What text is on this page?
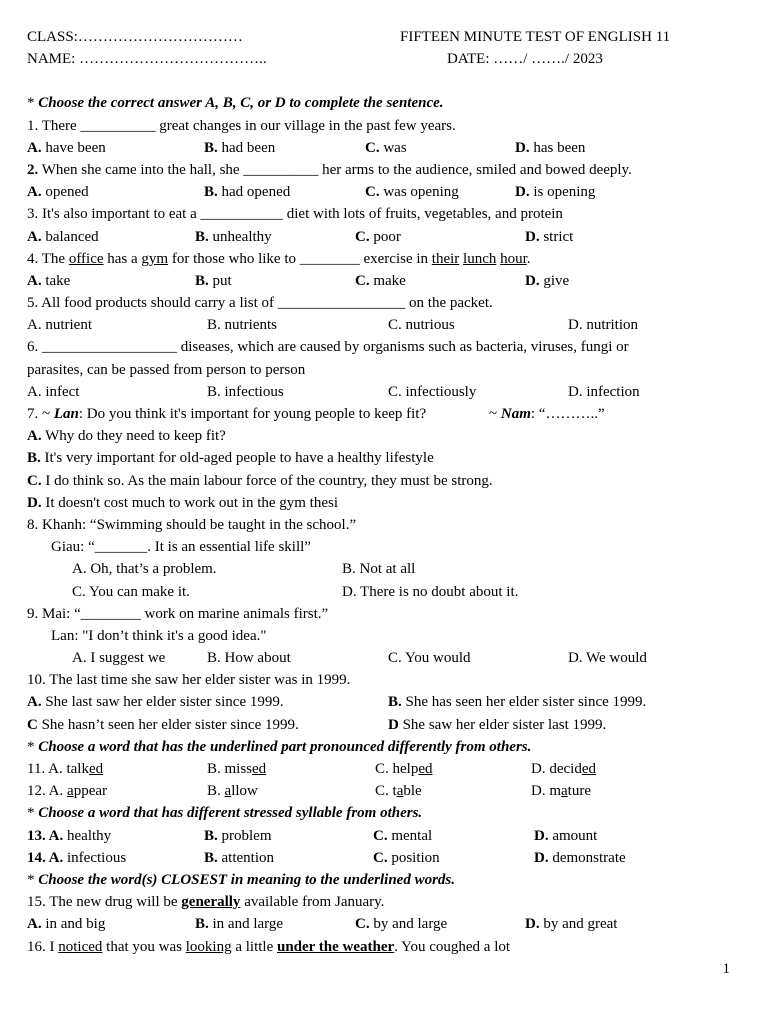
CLASS:……………………………	FIFTEEN MINUTE TEST OF ENGLISH 11
NAME: ………………………………..	DATE: ……/ ……./ 2023
* Choose the correct answer A, B, C, or D to complete the sentence.
1. There __________ great changes in our village in the past few years.
A. have been	B. had been	C. was	D. has been
2. When she came into the hall, she __________ her arms to the audience, smiled and bowed deeply.
A. opened	B. had opened	C. was opening	D. is opening
3. It's also important to eat a ___________ diet with lots of fruits, vegetables, and protein
A. balanced	B. unhealthy	C. poor	D. strict
4. The office has a gym for those who like to ________ exercise in their lunch hour.
A. take	B. put	C. make	D. give
5. All food products should carry a list of _________________ on the packet.
A. nutrient	B. nutrients	C. nutrious	D. nutrition
6. __________________ diseases, which are caused by organisms such as bacteria, viruses, fungi or
parasites, can be passed from person to person
A. infect	B. infectious	C. infectiously	D. infection
7. ~ Lan: Do you think it's important for young people to keep fit?	~ Nam: “………..”
A. Why do they need to keep fit?
B. It's very important for old-aged people to have a healthy lifestyle
C. I do think so. As the main labour force of the country, they must be strong.
D. It doesn't cost much to work out in the gym thesi
8. Khanh: “Swimming should be taught in the school.”
Giau: “_______. It is an essential life skill”
A. Oh, that’s a problem.	B. Not at all
C. You can make it.	D. There is no doubt about it.
9. Mai: “________ work on marine animals first.”
Lan: "I don’t think it's a good idea."
A. I suggest we	B. How about	C. You would	D. We would
10. The last time she saw her elder sister was in 1999.
A. She last saw her elder sister since 1999.	B. She has seen her elder sister since 1999.
C She hasn’t seen her elder sister since 1999.	D She saw her elder sister last 1999.
* Choose a word that has the underlined part pronounced differently from others.
11. A. talked	B. missed	C. helped	D. decided
12. A. appear	B. allow	C. table	D. mature
* Choose a word that has different stressed syllable from others.
13. A. healthy	B. problem	C. mental	D. amount
14. A. infectious	B. attention	C. position	D. demonstrate
* Choose the word(s) CLOSEST in meaning to the underlined words.
15. The new drug will be generally available from January.
A. in and big	B. in and large	C. by and large	D. by and great
16. I noticed that you was looking a little under the weather. You coughed a lot
1
